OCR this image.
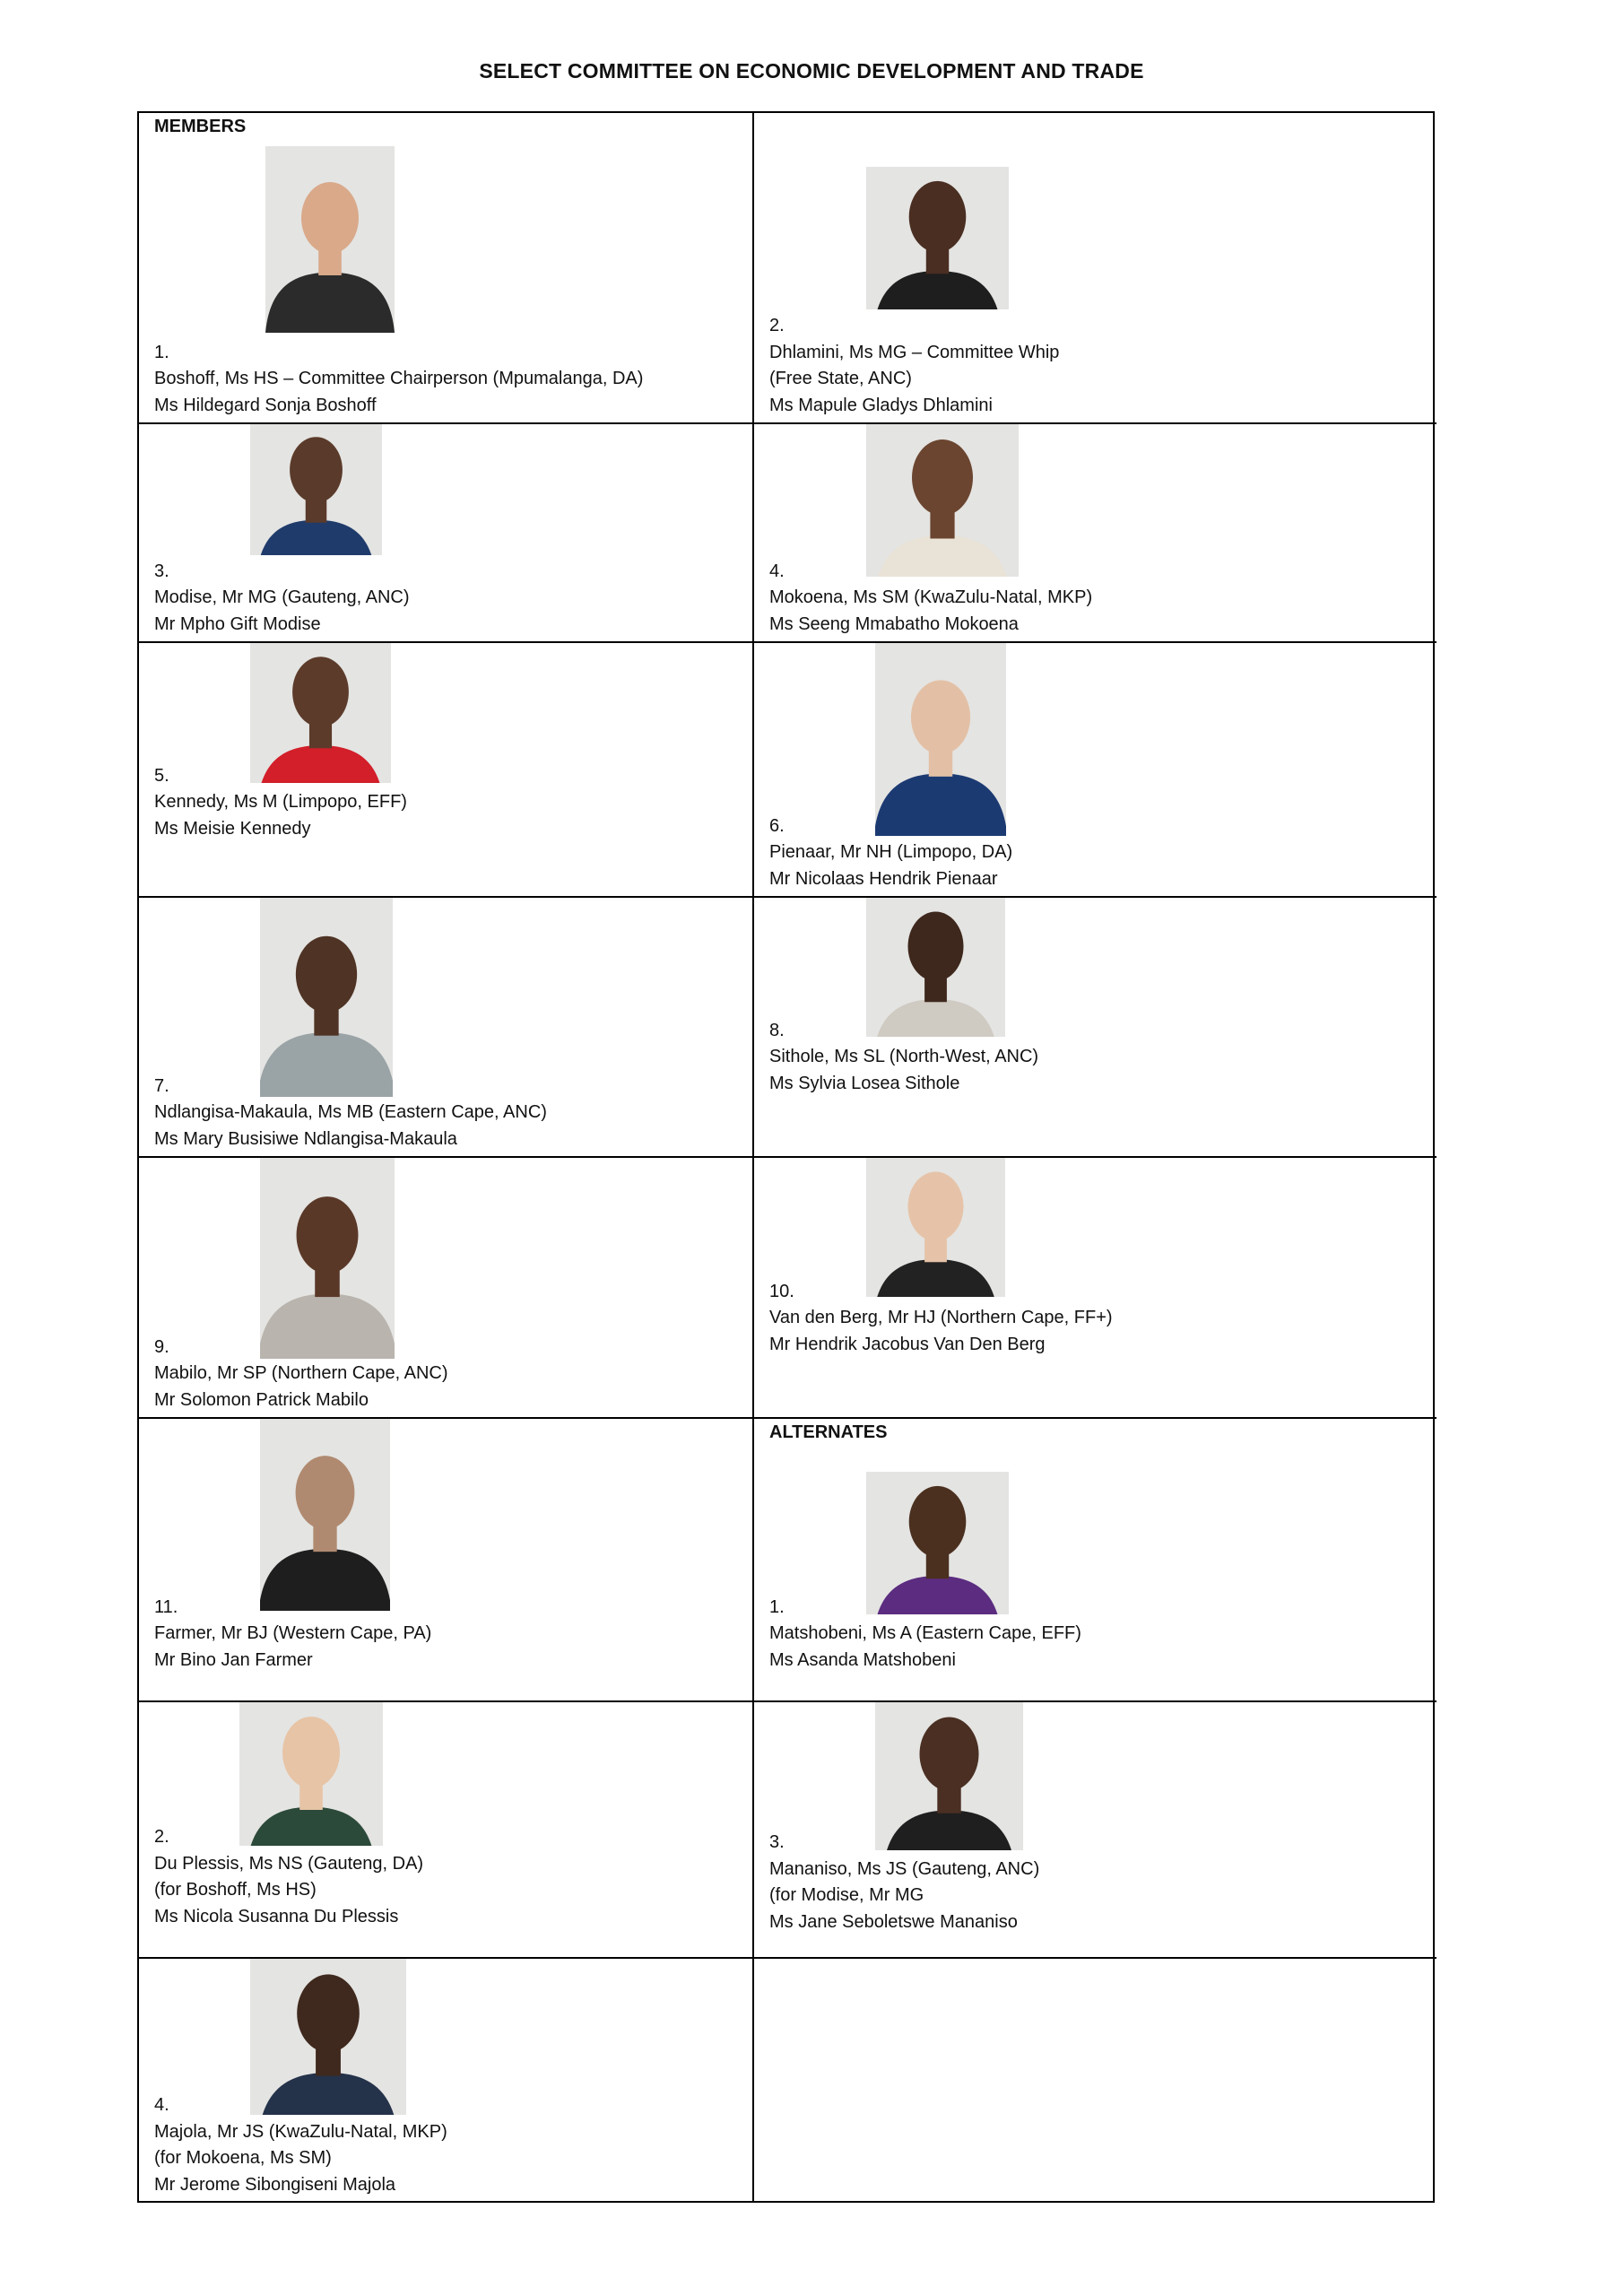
SELECT COMMITTEE ON ECONOMIC DEVELOPMENT AND TRADE
MEMBERS
1.
Boshoff, Ms HS – Committee Chairperson (Mpumalanga, DA)
Ms Hildegard Sonja Boshoff
2.
Dhlamini, Ms MG – Committee Whip
(Free State, ANC)
Ms Mapule Gladys Dhlamini
3.
Modise, Mr MG (Gauteng, ANC)
Mr Mpho Gift Modise
4.
Mokoena, Ms SM (KwaZulu-Natal, MKP)
Ms Seeng Mmabatho Mokoena
5.
Kennedy, Ms M (Limpopo, EFF)
Ms Meisie Kennedy	6.
Pienaar, Mr NH (Limpopo, DA)
Mr Nicolaas Hendrik Pienaar
7.
Ndlangisa-Makaula, Ms MB (Eastern Cape, ANC)
Ms Mary Busisiwe Ndlangisa-Makaula
8.
Sithole, Ms SL (North-West, ANC)
Ms Sylvia Losea Sithole
9.
Mabilo, Mr SP (Northern Cape, ANC)
Mr Solomon Patrick Mabilo
10.
Van den Berg, Mr HJ (Northern Cape, FF+)
Mr Hendrik Jacobus Van Den Berg
11.
Farmer, Mr BJ (Western Cape, PA)
Mr Bino Jan Farmer
ALTERNATES
1.
Matshobeni, Ms A (Eastern Cape, EFF)
Ms Asanda Matshobeni
2.
Du Plessis, Ms NS (Gauteng, DA)
(for Boshoff, Ms HS)
Ms Nicola Susanna Du Plessis
3.
Mananiso, Ms JS (Gauteng, ANC)
(for Modise, Mr MG
Ms Jane Seboletswe Mananiso
4.
Majola, Mr JS (KwaZulu-Natal, MKP)
(for Mokoena, Ms SM)
Mr Jerome Sibongiseni Majola
